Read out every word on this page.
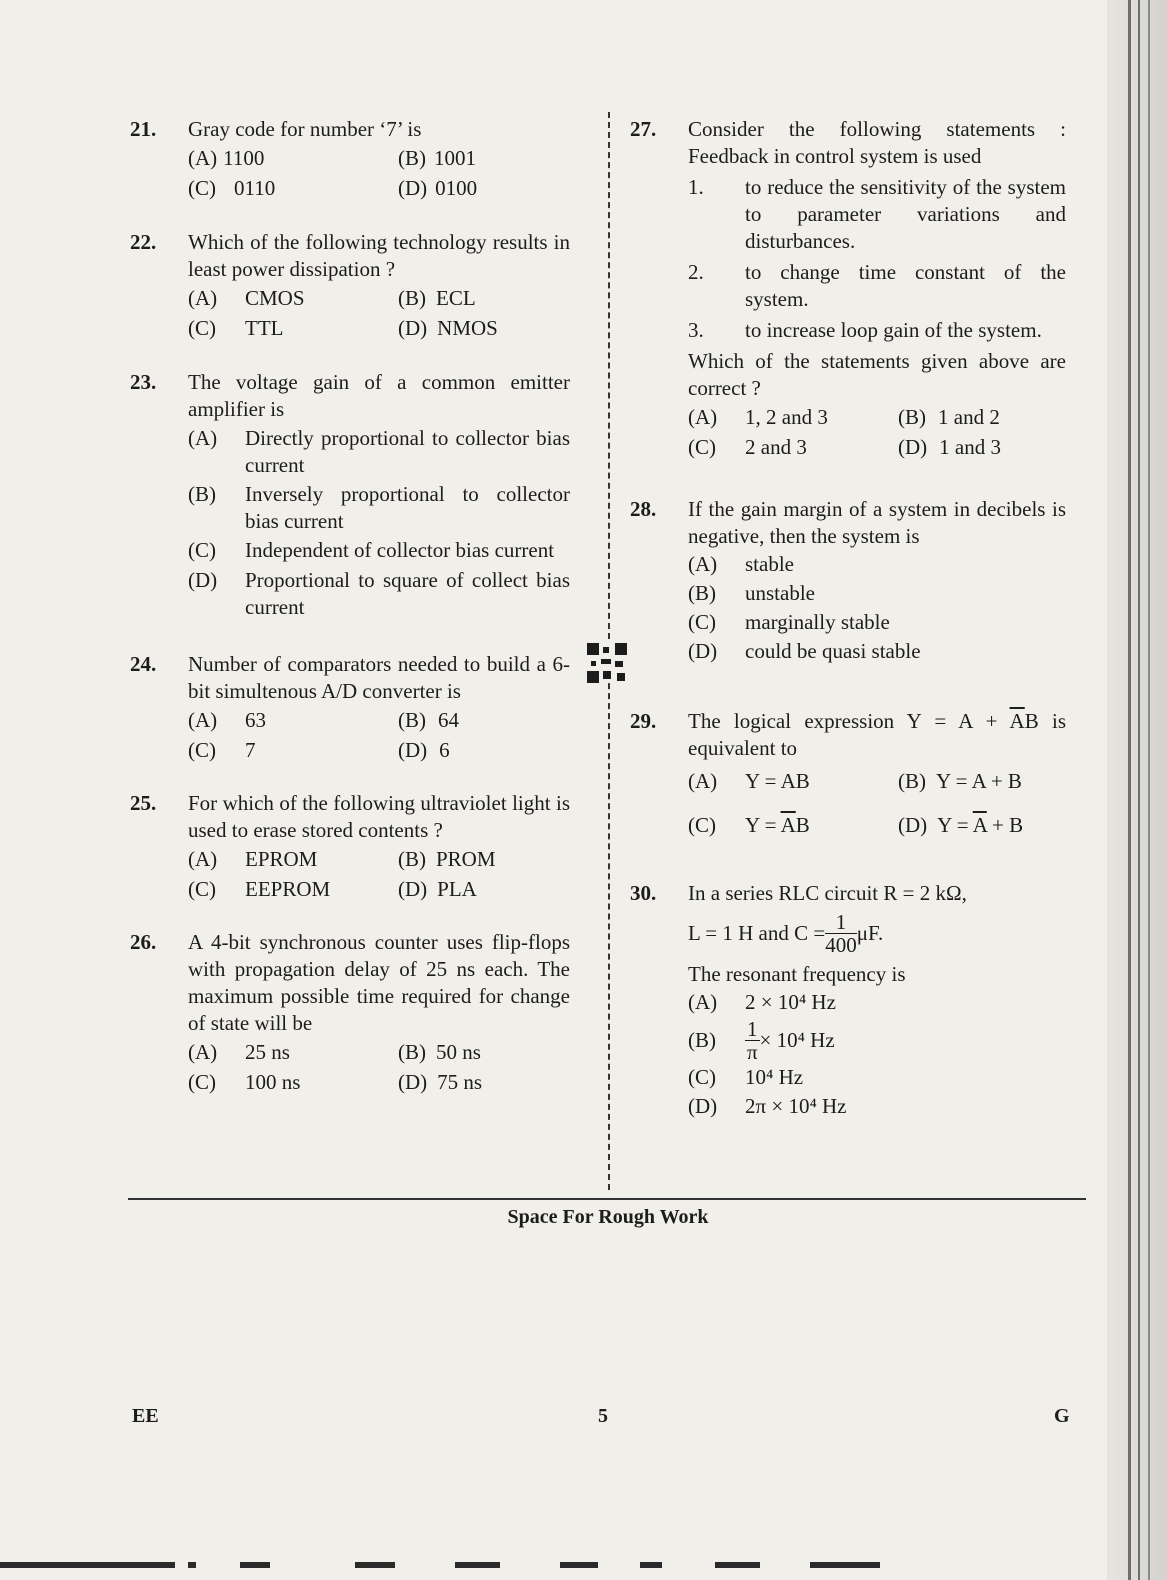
21. Gray code for number ‘7’ is
(A) 1100	(B) 1001
(C) 0110	(D) 0100
22. Which of the following technology results in least power dissipation ?
(A)	CMOS	(B) ECL
(C)	TTL	(D) NMOS
23. The voltage gain of a common emitter amplifier is
(A)	Directly proportional to collector bias current
(B)	Inversely proportional to collector bias current
(C)	Independent of collector bias current
(D)	Proportional to square of collect bias current
24. Number of comparators needed to build a 6-bit simultenous A/D converter is
(A)	63	(B) 64
(C)	7	(D) 6
25. For which of the following ultraviolet light is used to erase stored contents ?
(A)	EPROM	(B) PROM
(C)	EEPROM	(D) PLA
26. A 4-bit synchronous counter uses flip-flops with propagation delay of 25 ns each. The maximum possible time required for change of state will be
(A)	25 ns	(B) 50 ns
(C)	100 ns	(D) 75 ns
27. Consider the following statements : Feedback in control system is used
1.	to reduce the sensitivity of the system to parameter variations and disturbances.
2.	to change time constant of the system.
3.	to increase loop gain of the system.
Which of the statements given above are correct ?
(A)	1, 2 and 3	(B) 1 and 2
(C)	2 and 3	(D) 1 and 3
28. If the gain margin of a system in decibels is negative, then the system is
(A)	stable
(B)	unstable
(C)	marginally stable
(D)	could be quasi stable
29. The logical expression $Y = A + \overline{A}B$ is equivalent to
(A)	Y = AB	(B) Y = A + B
(C)	$Y = \overline{A}B$	(D) $Y = \overline{A} + B$
30. In a series RLC circuit R = 2 kΩ,
L = 1 H and $C = \frac{1}{400} \mu F$.
The resonant frequency is
(A)	2 × 10⁴ Hz
(B)	$\frac{1}{\pi} \times 10^4$ Hz
(C)	10⁴ Hz
(D)	2π × 10⁴ Hz
Space For Rough Work
EE	5	G
